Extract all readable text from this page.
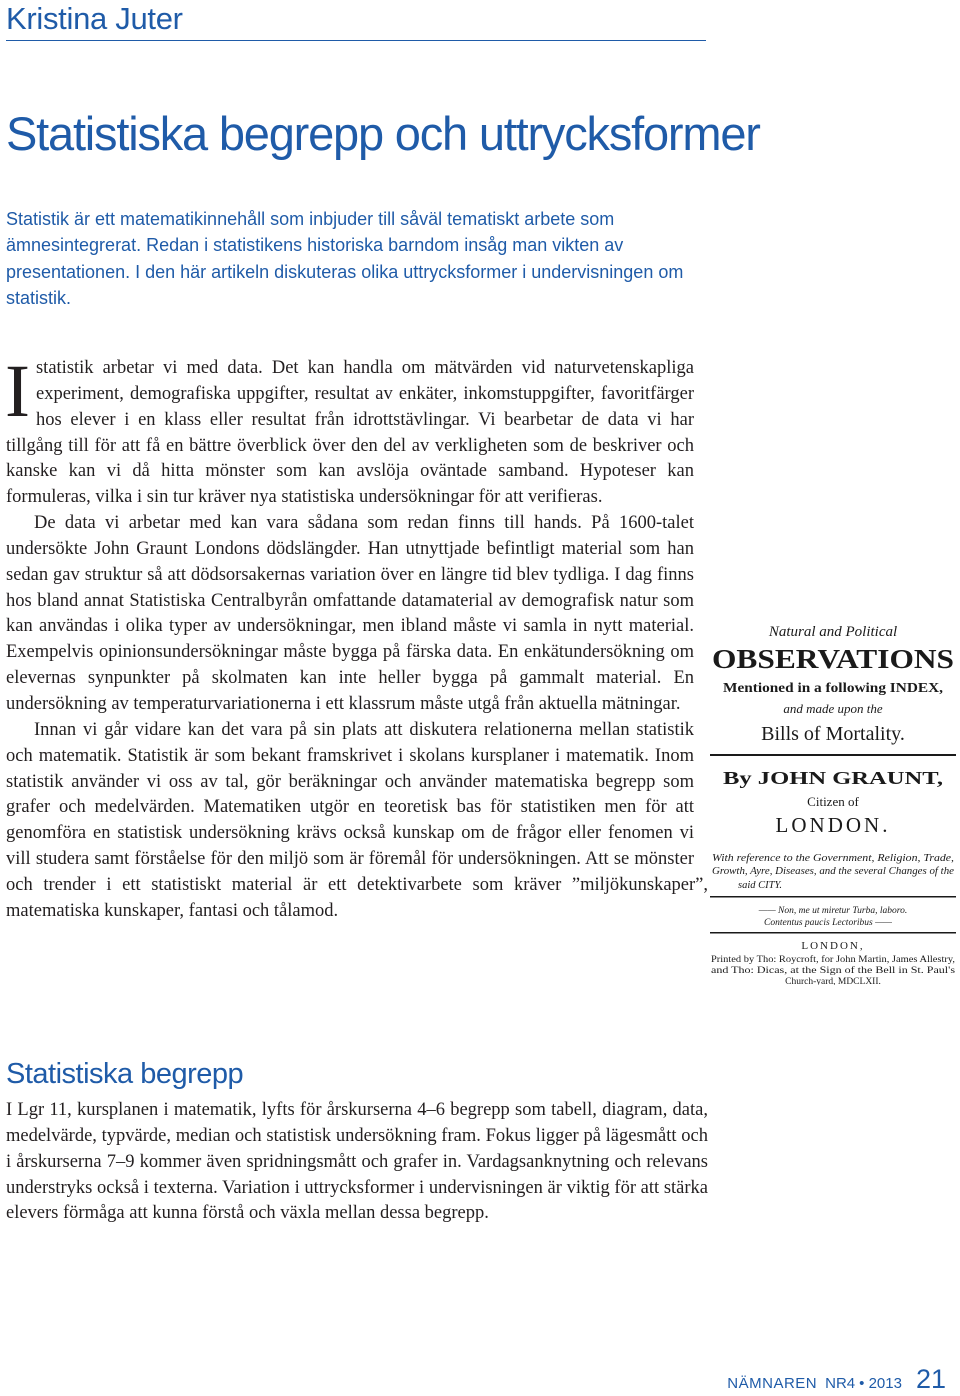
Kristina Juter
Statistiska begrepp och uttrycksformer

Statistik är ett matematikinnehåll som inbjuder till såväl tematiskt arbete som ämnesintegrerat. Redan i statistikens historiska barndom insåg man vikten av presentationen. I den här artikeln diskuteras olika uttrycksformer i undervisningen om statistik.

I statistik arbetar vi med data. Det kan handla om mätvärden vid naturvetenskapliga experiment, demografiska uppgifter, resultat av enkäter, inkomstuppgifter, favoritfärger hos elever i en klass eller resultat från idrottstävlingar. Vi bearbetar de data vi har tillgång till för att få en bättre överblick över den del av verkligheten som de beskriver och kanske kan vi då hitta mönster som kan avslöja oväntade samband. Hypoteser kan formuleras, vilka i sin tur kräver nya statistiska undersökningar för att verifieras.

De data vi arbetar med kan vara sådana som redan finns till hands. På 1600-talet undersökte John Graunt Londons dödslängder. Han utnyttjade befintligt material som han sedan gav struktur så att dödsorsakernas variation över en längre tid blev tydliga. I dag finns hos bland annat Statistiska Centralbyrån omfattande datamaterial av demografisk natur som kan användas i olika typer av undersökningar, men ibland måste vi samla in nytt material. Exempelvis opinionsundersökningar måste bygga på färska data. En enkätundersökning om elevernas synpunkter på skolmaten kan inte heller bygga på gammalt material. En undersökning av temperaturvariationerna i ett klassrum måste utgå från aktuella mätningar.

Innan vi går vidare kan det vara på sin plats att diskutera relationerna mellan statistik och matematik. Statistik är som bekant framskrivet i skolans kursplaner i matematik. Inom statistik använder vi oss av tal, gör beräkningar och använder matematiska begrepp som grafer och medelvärden. Matematiken utgör en teoretisk bas för statistiken men för att genomföra en statistisk undersökning krävs också kunskap om de frågor eller fenomen vi vill studera samt förståelse för den miljö som är föremål för undersökningen. Att se mönster och trender i ett statistiskt material är ett detektivarbete som kräver ”miljökunskaper”, matematiska kunskaper, fantasi och tålamod.

Natural and Political
OBSERVATIONS
Mentioned in a following INDEX,
and made upon the
Bills of Mortality.
By JOHN GRAUNT,
Citizen of
LONDON.
With reference to the Government, Religion, Trade,
Growth, Ayre, Diseases, and the several Changes of the
said CITY.
—— Non, me ut miretur Turba, laboro.
Contentus paucis Lectoribus ——
LONDON,
Printed by Tho: Roycroft, for John Martin, James Allestry,
and Tho: Dicas, at the Sign of the Bell in St. Paul's
Church-yard, MDCLXII.
Statistiska begrepp

I Lgr 11, kursplanen i matematik, lyfts för årskurserna 4–6 begrepp som tabell, diagram, data, medelvärde, typvärde, median och statistisk undersökning fram. Fokus ligger på lägesmått och i årskurserna 7–9 kommer även spridningsmått och grafer in. Vardagsanknytning och relevans understryks också i texterna. Variation i uttrycksformer i undervisningen är viktig för att stärka elevers förmåga att kunna förstå och växla mellan dessa begrepp.

NÄMNAREN NR4 • 2013 21
